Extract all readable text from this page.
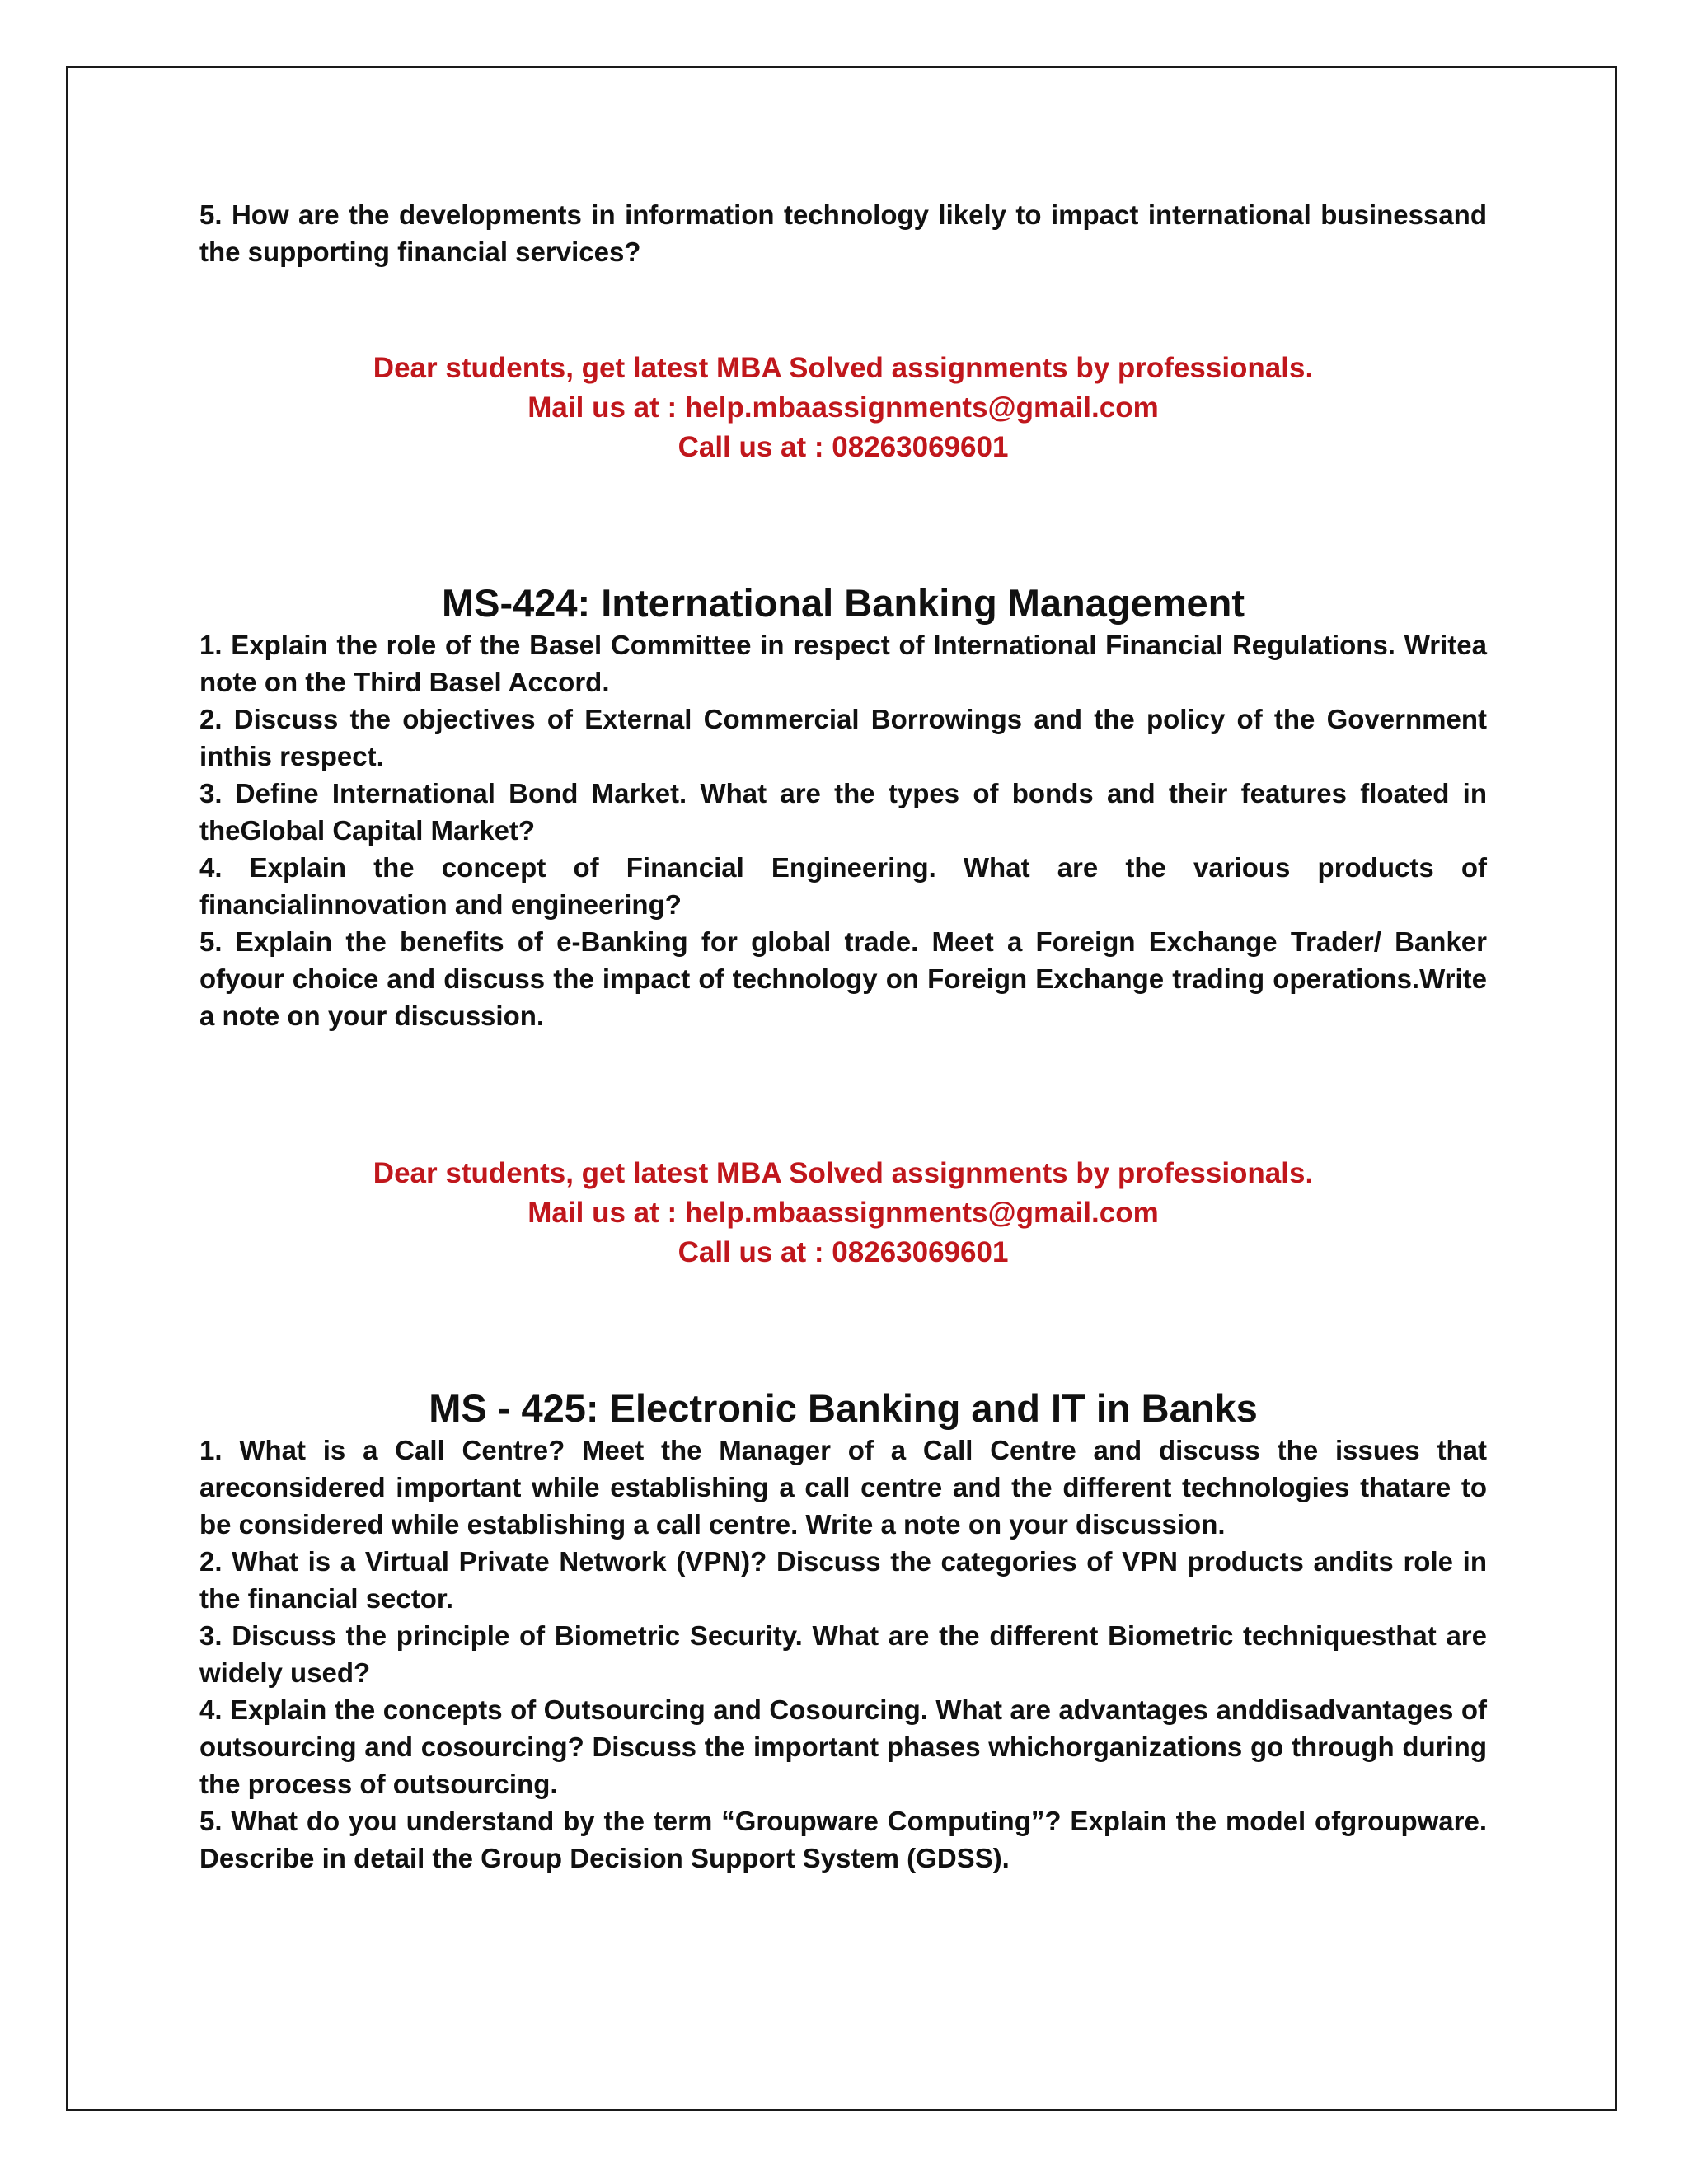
5. How are the developments in information technology likely to impact international businessand the supporting financial services?

Dear students, get latest MBA Solved assignments by professionals.
Mail us at : help.mbaassignments@gmail.com
Call us at : 08263069601
MS-424: International Banking Management

1. Explain the role of the Basel Committee in respect of International Financial Regulations. Writea note on the Third Basel Accord.

2. Discuss the objectives of External Commercial Borrowings and the policy of the Government inthis respect.

3. Define International Bond Market. What are the types of bonds and their features floated in theGlobal Capital Market?

4. Explain the concept of Financial Engineering. What are the various products of financialinnovation and engineering?

5. Explain the benefits of e-Banking for global trade. Meet a Foreign Exchange Trader/ Banker ofyour choice and discuss the impact of technology on Foreign Exchange trading operations.Write a note on your discussion.

Dear students, get latest MBA Solved assignments by professionals.
Mail us at : help.mbaassignments@gmail.com
Call us at : 08263069601
MS - 425: Electronic Banking and IT in Banks

1. What is a Call Centre? Meet the Manager of a Call Centre and discuss the issues that areconsidered important while establishing a call centre and the different technologies thatare to be considered while establishing a call centre. Write a note on your discussion.

2. What is a Virtual Private Network (VPN)? Discuss the categories of VPN products andits role in the financial sector.

3. Discuss the principle of Biometric Security. What are the different Biometric techniquesthat are widely used?

4. Explain the concepts of Outsourcing and Cosourcing. What are advantages anddisadvantages of outsourcing and cosourcing? Discuss the important phases whichorganizations go through during the process of outsourcing.

5. What do you understand by the term “Groupware Computing”? Explain the model ofgroupware. Describe in detail the Group Decision Support System (GDSS).
